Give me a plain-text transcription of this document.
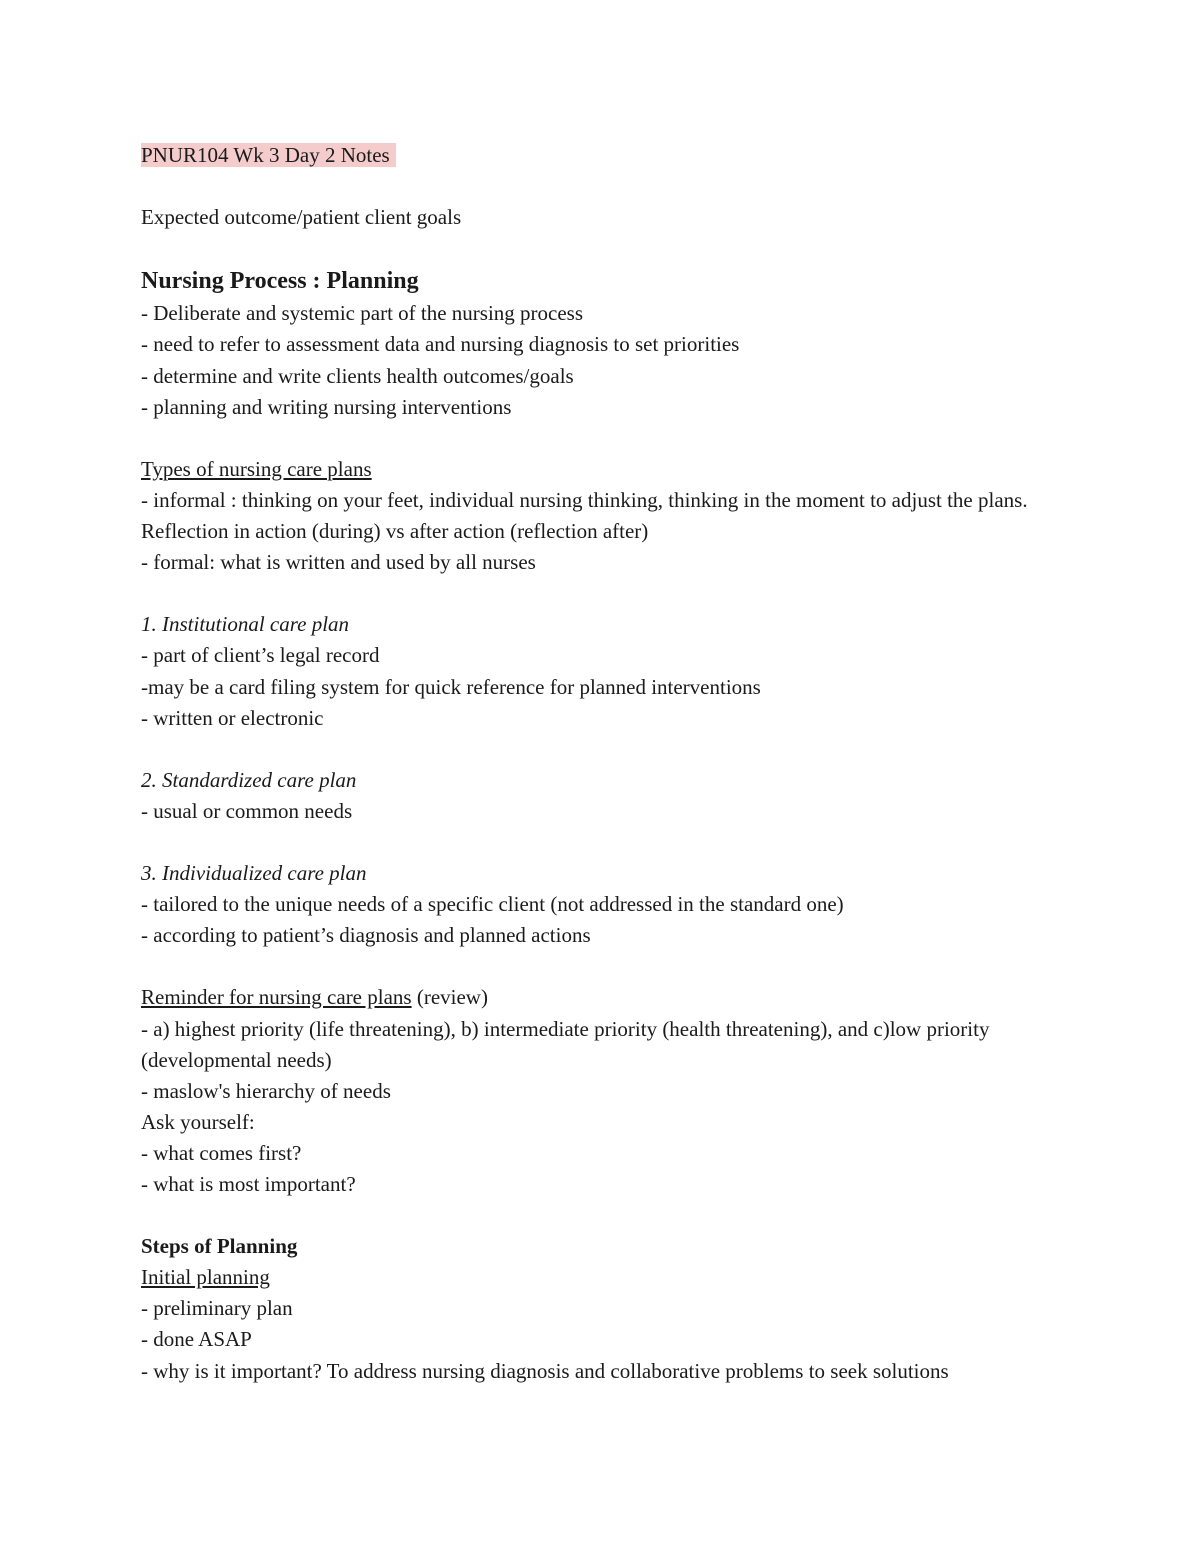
PNUR104 Wk 3 Day 2 Notes
Expected outcome/patient client goals
Nursing Process : Planning
- Deliberate and systemic part of the nursing process
- need to refer to assessment data and nursing diagnosis to set priorities
- determine and write clients health outcomes/goals
- planning and writing nursing interventions
Types of nursing care plans
- informal : thinking on your feet, individual nursing thinking, thinking in the moment to adjust the plans. Reflection in action (during) vs after action (reflection after)
- formal: what is written and used by all nurses
1. Institutional care plan
- part of client’s legal record
-may be a card filing system for quick reference for planned interventions
- written or electronic
2. Standardized care plan
- usual or common needs
3. Individualized care plan
- tailored to the unique needs of a specific client (not addressed in the standard one)
- according to patient’s diagnosis and planned actions
Reminder for nursing care plans (review)
- a) highest priority (life threatening), b) intermediate priority (health threatening), and c)low priority (developmental needs)
- maslow's hierarchy of needs
Ask yourself:
- what comes first?
- what is most important?
Steps of Planning
Initial planning
- preliminary plan
- done ASAP
- why is it important? To address nursing diagnosis and collaborative problems to seek solutions
